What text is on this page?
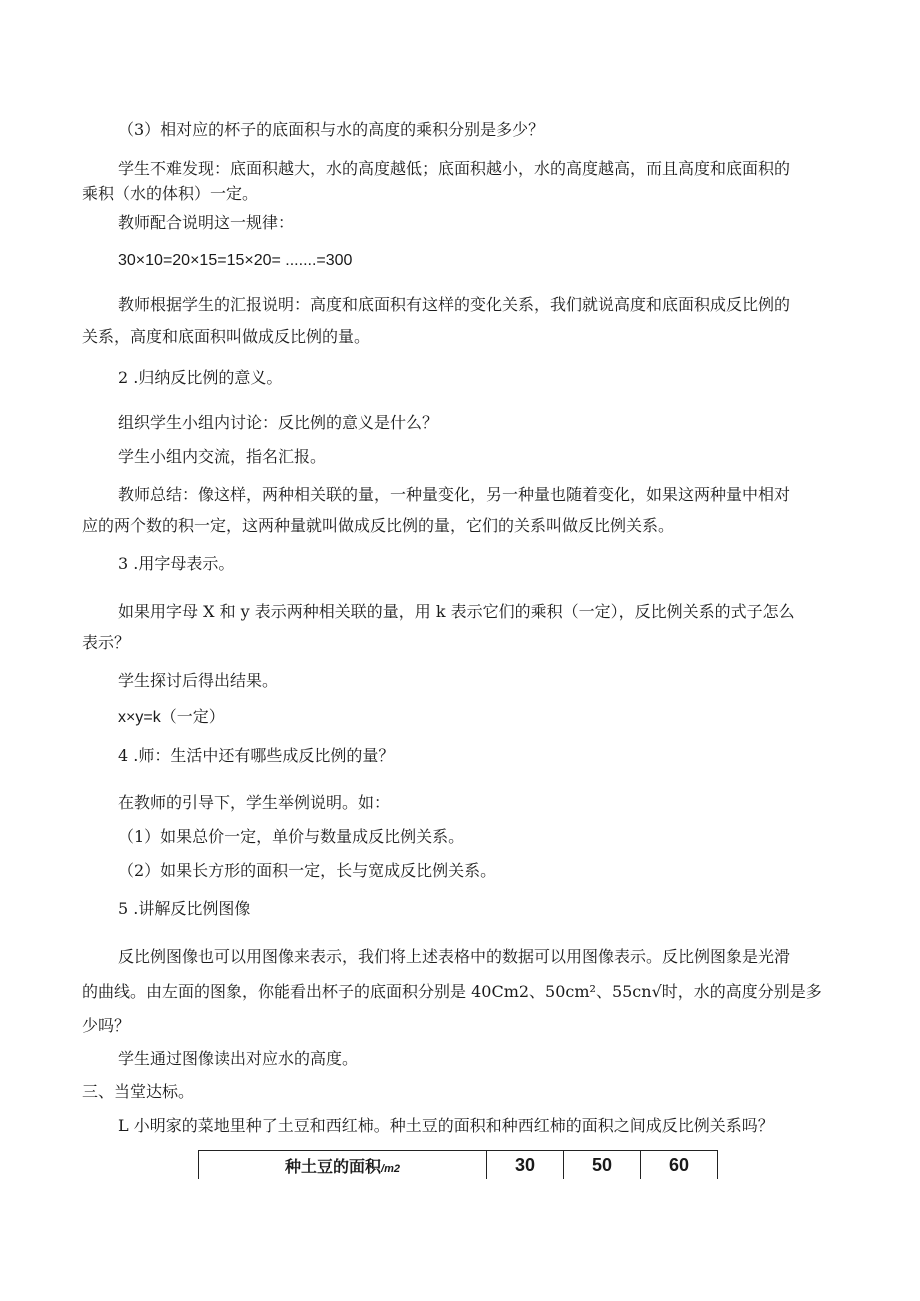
（3）相对应的杯子的底面积与水的高度的乘积分别是多少？
学生不难发现：底面积越大，水的高度越低；底面积越小，水的高度越高，而且高度和底面积的
乘积（水的体积）一定。
教师配合说明这一规律：
30×10=20×15=15×20= .......=300
教师根据学生的汇报说明：高度和底面积有这样的变化关系，我们就说高度和底面积成反比例的
关系，高度和底面积叫做成反比例的量。
2 .归纳反比例的意义。
组织学生小组内讨论：反比例的意义是什么？
学生小组内交流，指名汇报。
教师总结：像这样，两种相关联的量，一种量变化，另一种量也随着变化，如果这两种量中相对
应的两个数的积一定，这两种量就叫做成反比例的量，它们的关系叫做反比例关系。
3 .用字母表示。
如果用字母 X 和 y 表示两种相关联的量，用 k 表示它们的乘积（一定），反比例关系的式子怎么
表示？
学生探讨后得出结果。
x×y=k（一定）
4 .师：生活中还有哪些成反比例的量？
在教师的引导下，学生举例说明。如：
（1）如果总价一定，单价与数量成反比例关系。
（2）如果长方形的面积一定，长与宽成反比例关系。
5 .讲解反比例图像
反比例图像也可以用图像来表示，我们将上述表格中的数据可以用图像表示。反比例图象是光滑
的曲线。由左面的图象，你能看出杯子的底面积分别是 40Cm2、50cm²、55cn√时，水的高度分别是多
少吗？
学生通过图像读出对应水的高度。
三、当堂达标。
L 小明家的菜地里种了土豆和西红柿。种土豆的面积和种西红柿的面积之间成反比例关系吗？
种土豆的面积/m2	30	50	60
